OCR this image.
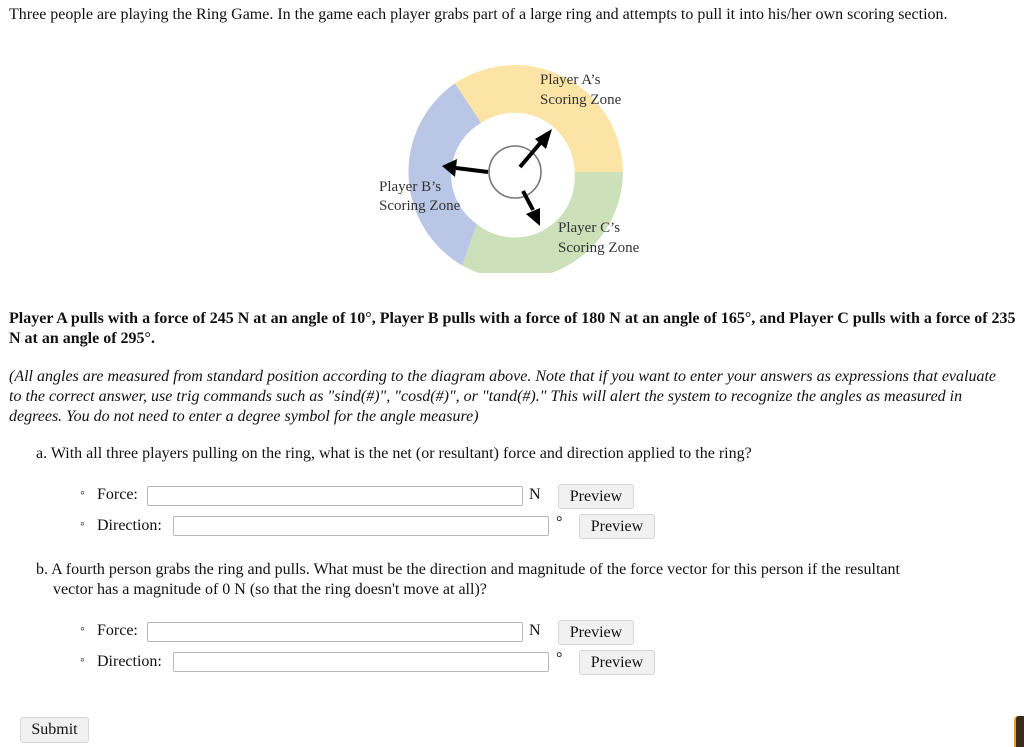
Three people are playing the Ring Game. In the game each player grabs part of a large ring and attempts to pull it into his/her own scoring section.
Player A’s
Scoring Zone
Player B’s
Scoring Zone
Player C’s
Scoring Zone
Player A pulls with a force of 245 N at an angle of 10°, Player B pulls with a force of 180 N at an angle of 165°, and Player C pulls with a force of 235 N at an angle of 295°.
(All angles are measured from standard position according to the diagram above. Note that if you want to enter your answers as expressions that evaluate to the correct answer, use trig commands such as "sind(#)", "cosd(#)", or "tand(#)." This will alert the system to recognize the angles as measured in degrees. You do not need to enter a degree symbol for the angle measure)
a. With all three players pulling on the ring, what is the net (or resultant) force and direction applied to the ring?
◦ Force:	N	Preview
◦ Direction:	°	Preview
b. A fourth person grabs the ring and pulls. What must be the direction and magnitude of the force vector for this person if the resultant
vector has a magnitude of 0 N (so that the ring doesn't move at all)?
◦ Force:	N	Preview
◦ Direction:	°	Preview
Submit
